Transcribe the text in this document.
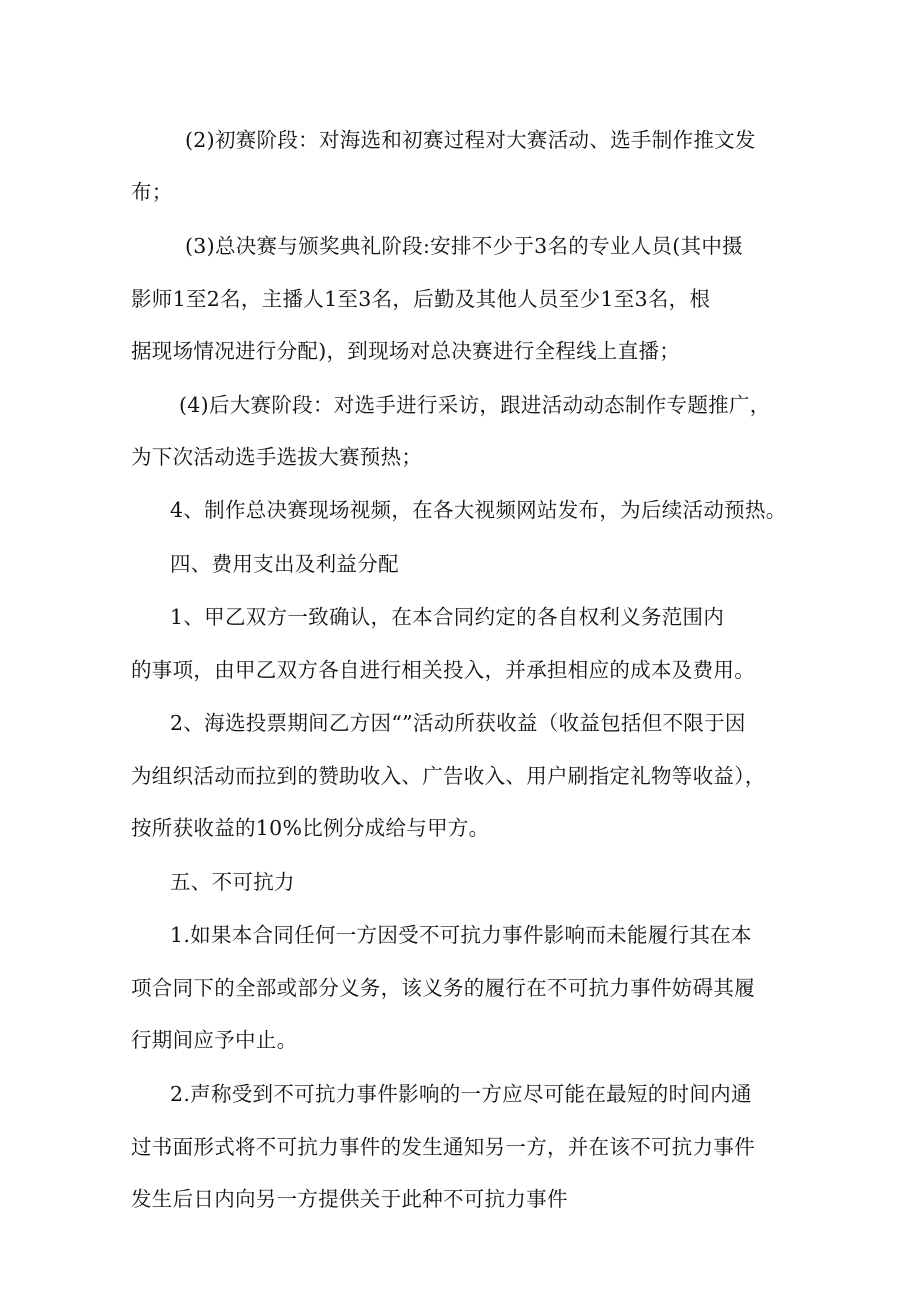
(2)初赛阶段：对海选和初赛过程对大赛活动、选手制作推文发
布；
(3)总决赛与颁奖典礼阶段:安排不少于3名的专业人员(其中摄
影师1至2名，主播人1至3名，后勤及其他人员至少1至3名，根
据现场情况进行分配)，到现场对总决赛进行全程线上直播；
(4)后大赛阶段：对选手进行采访，跟进活动动态制作专题推广，
为下次活动选手选拔大赛预热；
4、制作总决赛现场视频，在各大视频网站发布，为后续活动预热。
四、费用支出及利益分配
1、甲乙双方一致确认，在本合同约定的各自权利义务范围内
的事项，由甲乙双方各自进行相关投入，并承担相应的成本及费用。
2、海选投票期间乙方因“”活动所获收益（收益包括但不限于因
为组织活动而拉到的赞助收入、广告收入、用户刷指定礼物等收益），
按所获收益的10%比例分成给与甲方。
五、不可抗力
1.如果本合同任何一方因受不可抗力事件影响而未能履行其在本
项合同下的全部或部分义务，该义务的履行在不可抗力事件妨碍其履
行期间应予中止。
2.声称受到不可抗力事件影响的一方应尽可能在最短的时间内通
过书面形式将不可抗力事件的发生通知另一方，并在该不可抗力事件
发生后日内向另一方提供关于此种不可抗力事件
